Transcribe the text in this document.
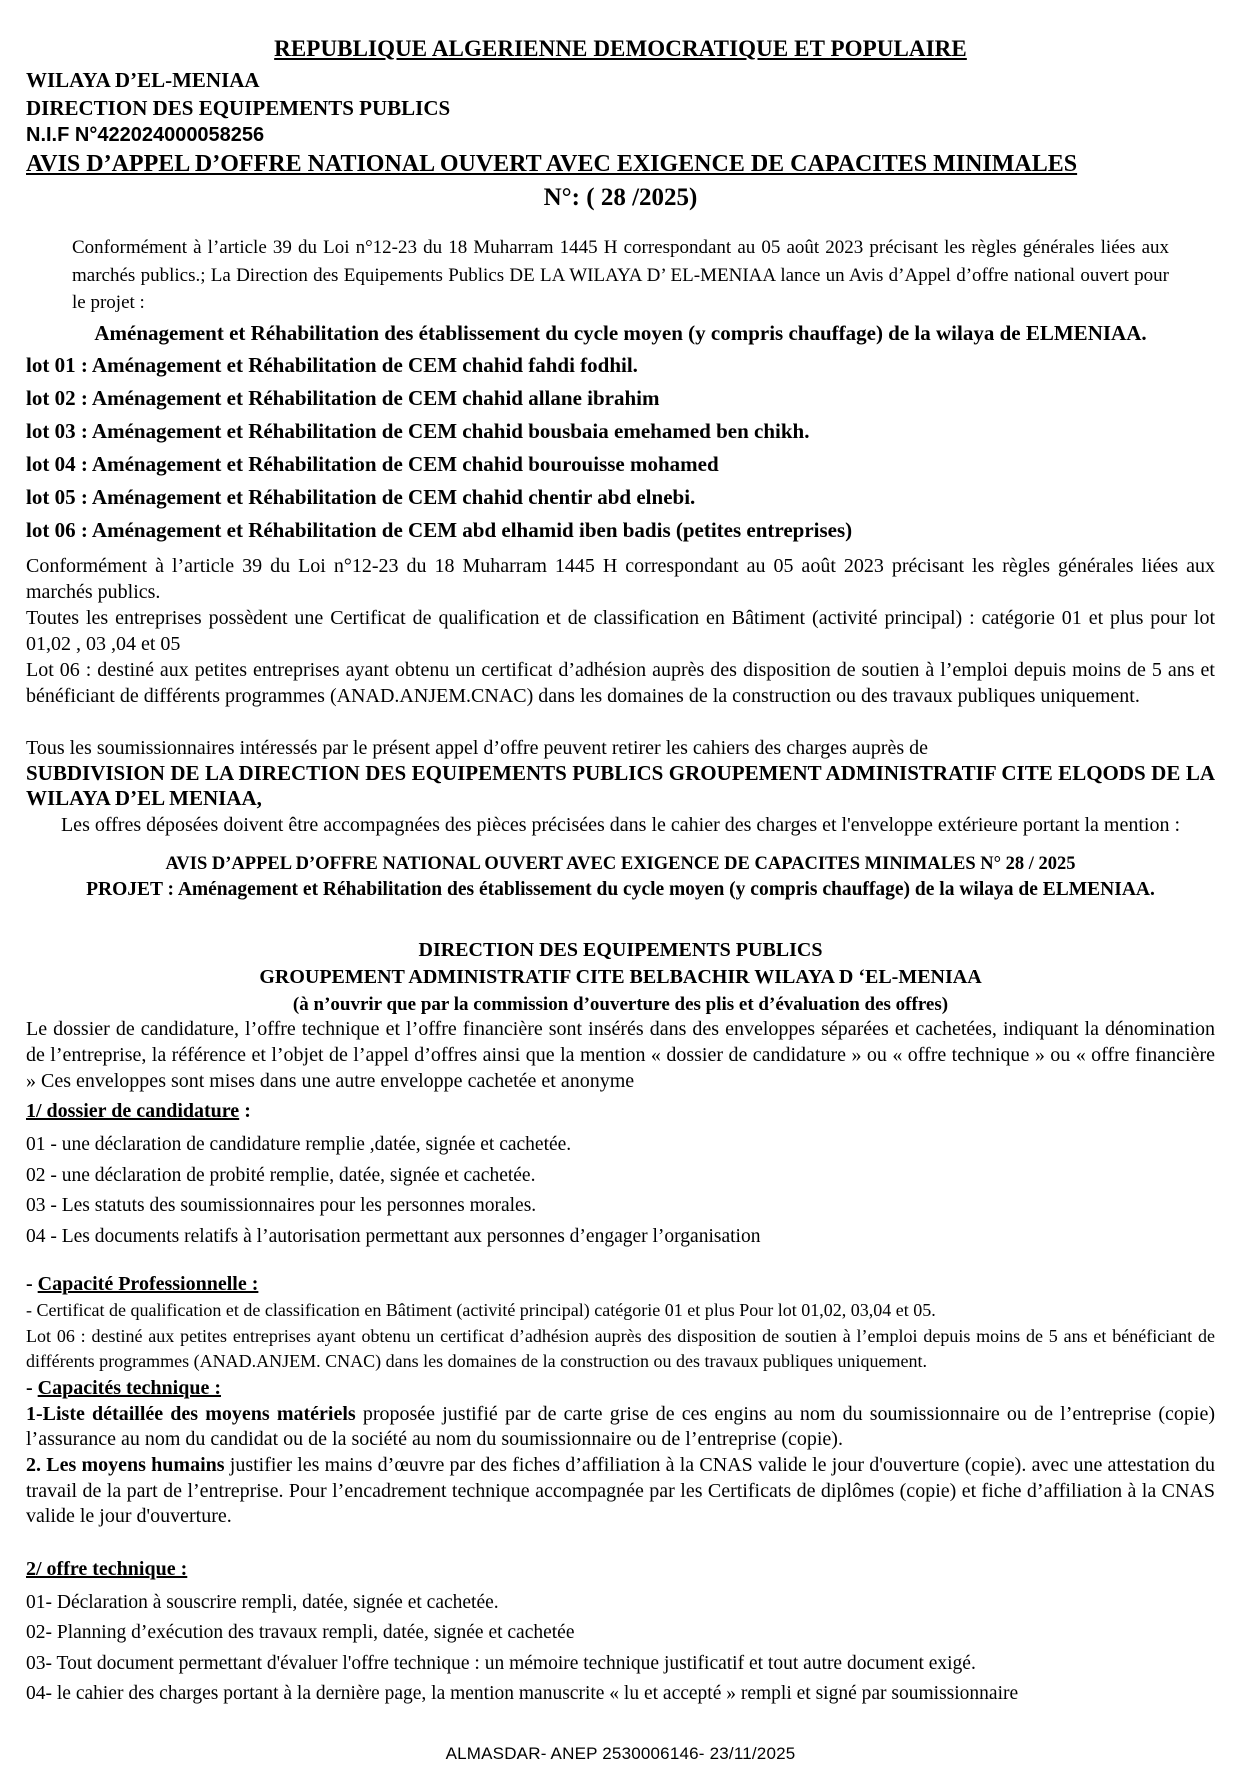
REPUBLIQUE ALGERIENNE DEMOCRATIQUE ET POPULAIRE
WILAYA D’EL-MENIAA
DIRECTION DES EQUIPEMENTS PUBLICS
N.I.F N°422024000058256
AVIS D’APPEL D’OFFRE NATIONAL OUVERT AVEC EXIGENCE DE CAPACITES MINIMALES
N°: ( 28 /2025)
Conformément à l’article 39 du Loi n°12-23 du 18 Muharram 1445 H correspondant au 05 août 2023 précisant les règles générales liées aux marchés publics.; La Direction des Equipements Publics DE LA WILAYA D’ EL-MENIAA lance un Avis d’Appel d’offre national ouvert pour le projet :
Aménagement et Réhabilitation des établissement du cycle moyen (y compris chauffage) de la wilaya de ELMENIAA.
lot 01 : Aménagement et Réhabilitation de CEM chahid fahdi fodhil.
lot 02 : Aménagement et Réhabilitation de CEM chahid allane ibrahim
lot 03 : Aménagement et Réhabilitation de CEM chahid bousbaia emehamed ben chikh.
lot 04 : Aménagement et Réhabilitation de CEM chahid bourouisse mohamed
lot 05 : Aménagement et Réhabilitation de CEM chahid chentir abd elnebi.
lot 06 : Aménagement et Réhabilitation de CEM abd elhamid iben badis (petites entreprises)
Conformément à l’article 39 du Loi n°12-23 du 18 Muharram 1445 H correspondant au 05 août 2023 précisant les règles générales liées aux marchés publics.
Toutes les entreprises possèdent une Certificat de qualification et de classification en Bâtiment (activité principal) : catégorie 01 et plus pour lot 01,02 , 03 ,04 et 05
Lot 06 : destiné aux petites entreprises ayant obtenu un certificat d’adhésion auprès des disposition de soutien à l’emploi depuis moins de 5 ans et bénéficiant de différents programmes (ANAD.ANJEM.CNAC) dans les domaines de la construction ou des travaux publiques uniquement.
Tous les soumissionnaires intéressés par le présent appel d’offre peuvent retirer les cahiers des charges auprès de
SUBDIVISION DE LA DIRECTION DES EQUIPEMENTS PUBLICS GROUPEMENT ADMINISTRATIF CITE ELQODS DE LA WILAYA D’EL MENIAA,
Les offres déposées doivent être accompagnées des pièces précisées dans le cahier des charges et l'enveloppe extérieure portant la mention :
AVIS D’APPEL D’OFFRE NATIONAL OUVERT AVEC EXIGENCE DE CAPACITES MINIMALES N° 28 / 2025
PROJET : Aménagement et Réhabilitation des établissement du cycle moyen (y compris chauffage) de la wilaya de ELMENIAA.
DIRECTION DES EQUIPEMENTS PUBLICS
GROUPEMENT ADMINISTRATIF CITE BELBACHIR WILAYA D ‘EL-MENIAA
(à n’ouvrir que par la commission d’ouverture des plis et d’évaluation des offres)
Le dossier de candidature, l’offre technique et l’offre financière sont insérés dans des enveloppes séparées et cachetées, indiquant la dénomination de l’entreprise, la référence et l’objet de l’appel d’offres ainsi que la mention « dossier de candidature » ou « offre technique » ou « offre financière » Ces enveloppes sont mises dans une autre enveloppe cachetée et anonyme
1/ dossier de candidature :
01 - une déclaration de candidature remplie ,datée, signée et cachetée.
02 - une déclaration de probité remplie, datée, signée et cachetée.
03 - Les statuts des soumissionnaires pour les personnes morales.
04 - Les documents relatifs à l’autorisation permettant aux personnes d’engager l’organisation
- Capacité Professionnelle :
- Certificat de qualification et de classification en Bâtiment (activité principal) catégorie 01 et plus Pour lot 01,02, 03,04 et 05.
Lot 06 : destiné aux petites entreprises ayant obtenu un certificat d’adhésion auprès des disposition de soutien à l’emploi depuis moins de 5 ans et bénéficiant de différents programmes (ANAD.ANJEM. CNAC) dans les domaines de la construction ou des travaux publiques uniquement.
- Capacités technique :
1-Liste détaillée des moyens matériels proposée justifié par de carte grise de ces engins au nom du soumissionnaire ou de l’entreprise (copie) l’assurance au nom du candidat ou de la société au nom du soumissionnaire ou de l’entreprise (copie).
2. Les moyens humains justifier les mains d’œuvre par des fiches d’affiliation à la CNAS valide le jour d'ouverture (copie). avec une attestation du travail de la part de l’entreprise. Pour l’encadrement technique accompagnée par les Certificats de diplômes (copie) et fiche d’affiliation à la CNAS valide le jour d'ouverture.
2/ offre technique :
01- Déclaration à souscrire rempli, datée, signée et cachetée.
02- Planning d’exécution des travaux rempli, datée, signée et cachetée
03- Tout document permettant d'évaluer l'offre technique : un mémoire technique justificatif et tout autre document exigé.
04- le cahier des charges portant à la dernière page, la mention manuscrite « lu et accepté » rempli et signé par soumissionnaire
ALMASDAR- ANEP 2530006146- 23/11/2025
